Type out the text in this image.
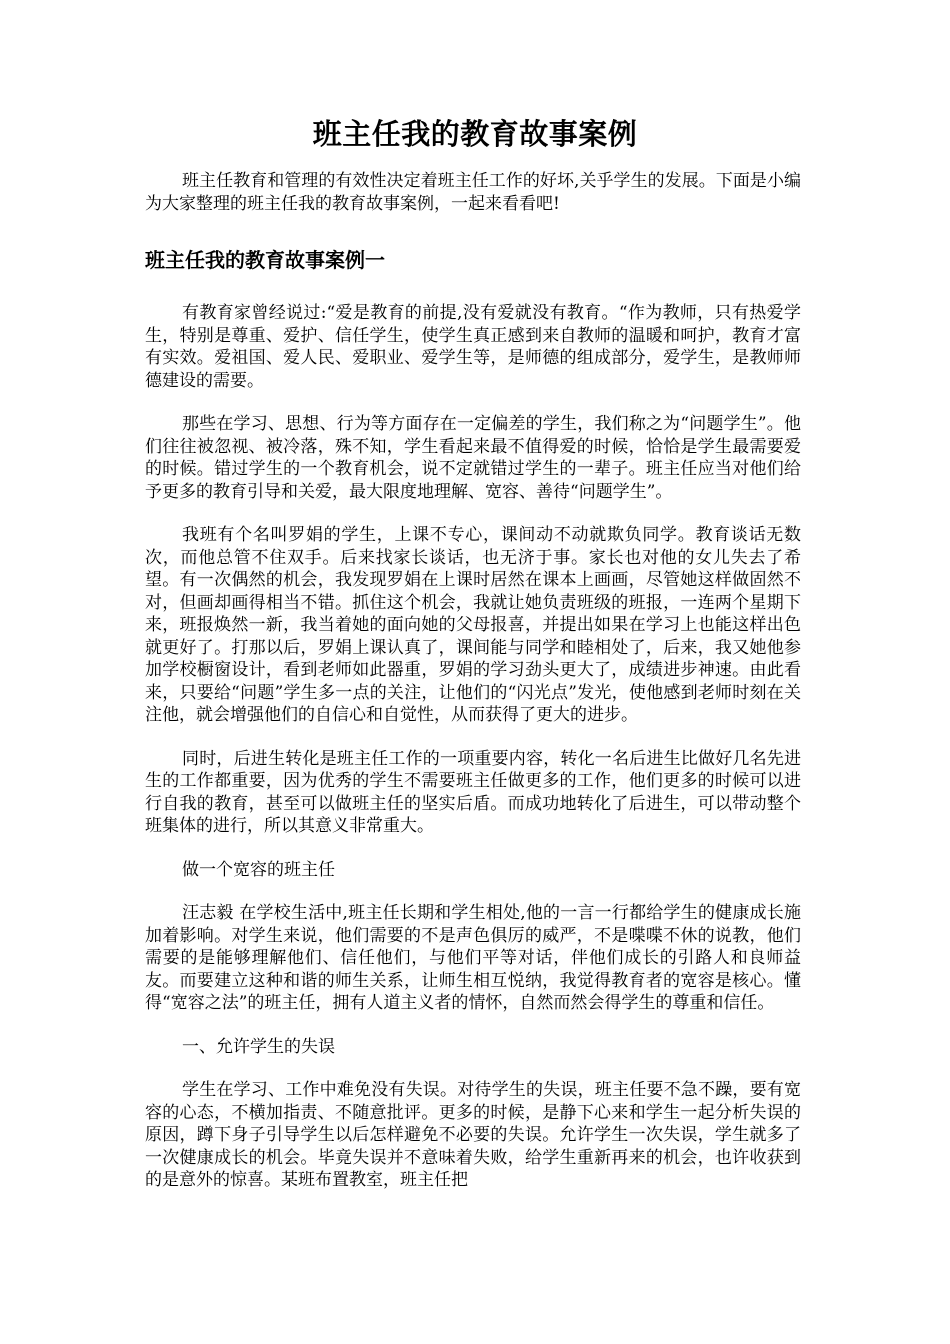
班主任我的教育故事案例

班主任教育和管理的有效性决定着班主任工作的好坏,关乎学生的发展。下面是小编为大家整理的班主任我的教育故事案例，一起来看看吧!

班主任我的教育故事案例一

有教育家曾经说过:“爱是教育的前提,没有爱就没有教育。“作为教师，只有热爱学生，特别是尊重、爱护、信任学生，使学生真正感到来自教师的温暖和呵护，教育才富有实效。爱祖国、爱人民、爱职业、爱学生等，是师德的组成部分，爱学生，是教师师德建设的需要。

那些在学习、思想、行为等方面存在一定偏差的学生，我们称之为“问题学生”。他们往往被忽视、被冷落，殊不知，学生看起来最不值得爱的时候，恰恰是学生最需要爱的时候。错过学生的一个教育机会，说不定就错过学生的一辈子。班主任应当对他们给予更多的教育引导和关爱，最大限度地理解、宽容、善待“问题学生”。

我班有个名叫罗娟的学生，上课不专心，课间动不动就欺负同学。教育谈话无数次，而他总管不住双手。后来找家长谈话，也无济于事。家长也对他的女儿失去了希望。有一次偶然的机会，我发现罗娟在上课时居然在课本上画画，尽管她这样做固然不对，但画却画得相当不错。抓住这个机会，我就让她负责班级的班报，一连两个星期下来，班报焕然一新，我当着她的面向她的父母报喜，并提出如果在学习上也能这样出色就更好了。打那以后，罗娟上课认真了，课间能与同学和睦相处了，后来，我又她他参加学校橱窗设计，看到老师如此器重，罗娟的学习劲头更大了，成绩进步神速。由此看来，只要给“问题”学生多一点的关注，让他们的“闪光点”发光，使他感到老师时刻在关注他，就会增强他们的自信心和自觉性，从而获得了更大的进步。

同时，后进生转化是班主任工作的一项重要内容，转化一名后进生比做好几名先进生的工作都重要，因为优秀的学生不需要班主任做更多的工作，他们更多的时候可以进行自我的教育，甚至可以做班主任的坚实后盾。而成功地转化了后进生，可以带动整个班集体的进行，所以其意义非常重大。

做一个宽容的班主任

汪志毅 在学校生活中,班主任长期和学生相处,他的一言一行都给学生的健康成长施加着影响。对学生来说，他们需要的不是声色俱厉的威严，不是喋喋不休的说教，他们需要的是能够理解他们、信任他们，与他们平等对话，伴他们成长的引路人和良师益友。而要建立这种和谐的师生关系，让师生相互悦纳，我觉得教育者的宽容是核心。懂得“宽容之法”的班主任，拥有人道主义者的情怀，自然而然会得学生的尊重和信任。

一、允许学生的失误

学生在学习、工作中难免没有失误。对待学生的失误，班主任要不急不躁，要有宽容的心态，不横加指责、不随意批评。更多的时候，是静下心来和学生一起分析失误的原因，蹲下身子引导学生以后怎样避免不必要的失误。允许学生一次失误，学生就多了一次健康成长的机会。毕竟失误并不意味着失败，给学生重新再来的机会，也许收获到的是意外的惊喜。某班布置教室，班主任把
